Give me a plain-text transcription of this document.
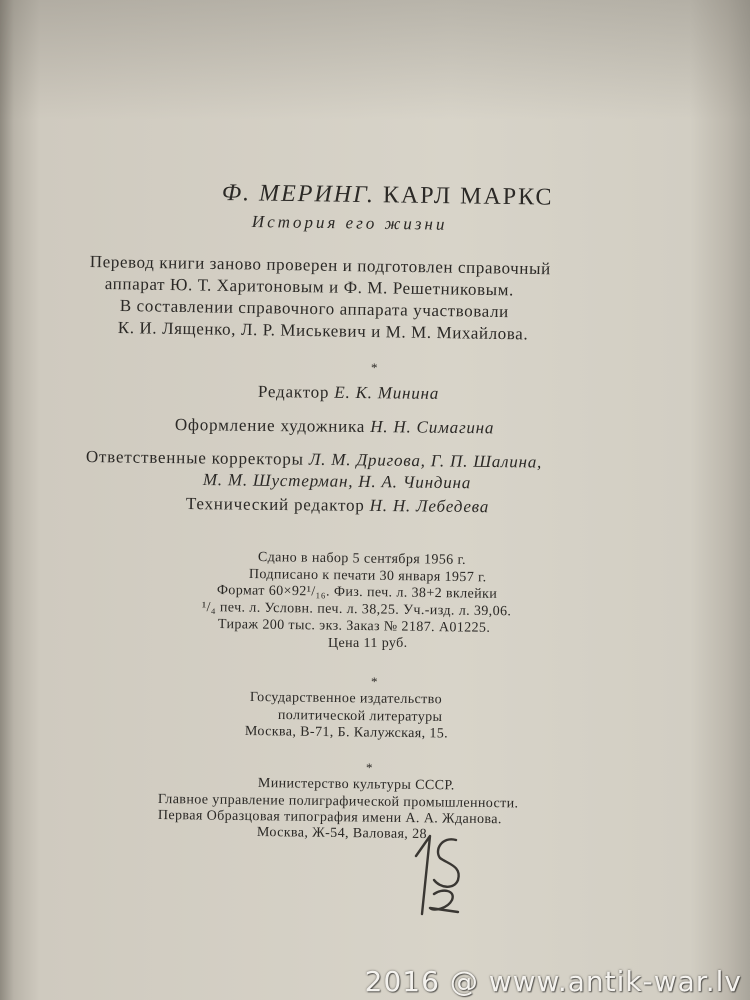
Ф. МЕРИНГ. КАРЛ МАРКС
История его жизни
Перевод книги заново проверен и подготовлен справочный
аппарат Ю. Т. Харитоновым и Ф. М. Решетниковым.
В составлении справочного аппарата участвовали
К. И. Лященко, Л. Р. Миськевич и М. М. Михайлова.
*
Редактор Е. К. Минина
Оформление художника Н. Н. Симагина
Ответственные корректоры Л. М. Дригова, Г. П. Шалина,
М. М. Шустерман, Н. А. Чиндина
Технический редактор Н. Н. Лебедева
Сдано в набор 5 сентября 1956 г.
Подписано к печати 30 января 1957 г.
Формат 60×92¹/₁₆. Физ. печ. л. 38+2 вклейки
¹/₄ печ. л. Условн. печ. л. 38,25. Уч.-изд. л. 39,06.
Тираж 200 тыс. экз. Заказ № 2187. А01225.
Цена 11 руб.
*
Государственное издательство
политической литературы
Москва, В-71, Б. Калужская, 15.
*
Министерство культуры СССР.
Главное управление полиграфической промышленности.
Первая Образцовая типография имени А. А. Жданова.
Москва, Ж-54, Валовая, 28.
2016 @ www.antik-war.lv
